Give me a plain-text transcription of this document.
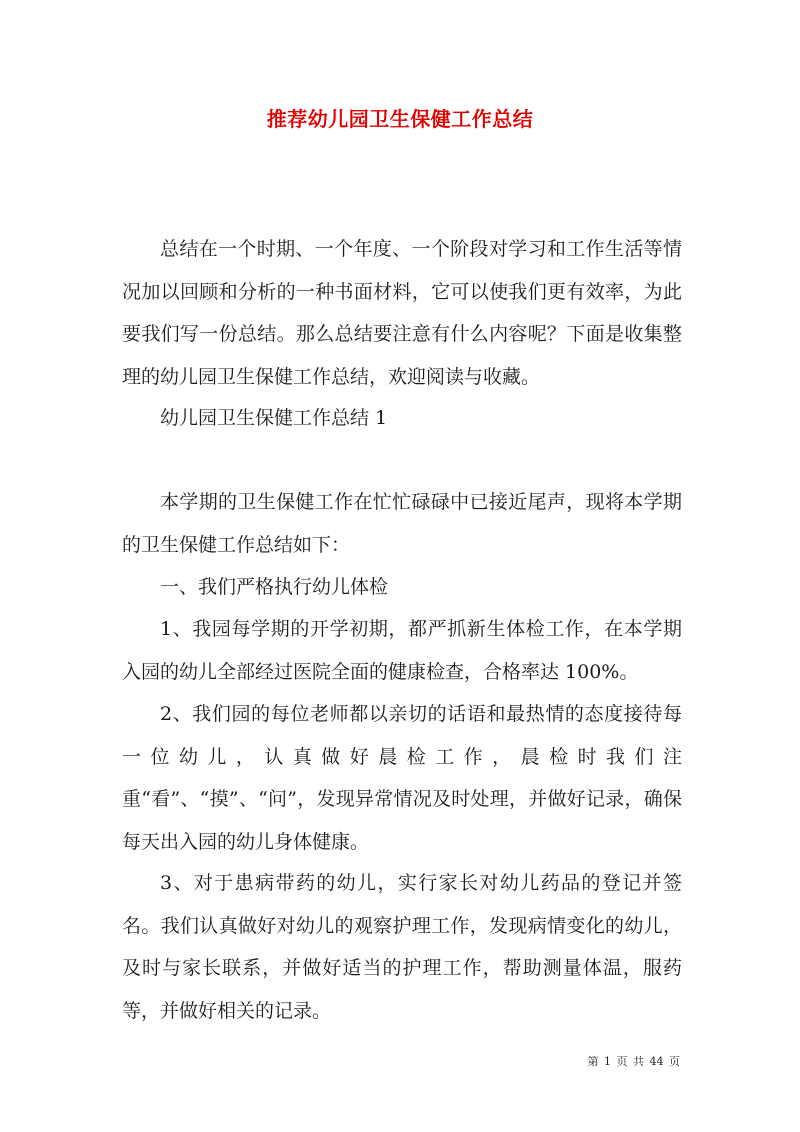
推荐幼儿园卫生保健工作总结

总结在一个时期、一个年度、一个阶段对学习和工作生活等情况加以回顾和分析的一种书面材料，它可以使我们更有效率，为此要我们写一份总结。那么总结要注意有什么内容呢？下面是收集整理的幼儿园卫生保健工作总结，欢迎阅读与收藏。

幼儿园卫生保健工作总结 1

本学期的卫生保健工作在忙忙碌碌中已接近尾声，现将本学期的卫生保健工作总结如下：

一、我们严格执行幼儿体检

1、我园每学期的开学初期，都严抓新生体检工作，在本学期入园的幼儿全部经过医院全面的健康检查，合格率达 100%。

2、我们园的每位老师都以亲切的话语和最热情的态度接待每一位幼儿，认真做好晨检工作，晨检时我们注重“看”、“摸”、“问”，发现异常情况及时处理，并做好记录，确保每天出入园的幼儿身体健康。

3、对于患病带药的幼儿，实行家长对幼儿药品的登记并签名。我们认真做好对幼儿的观察护理工作，发现病情变化的幼儿，及时与家长联系，并做好适当的护理工作，帮助测量体温，服药等，并做好相关的记录。

第 1 页 共 44 页
